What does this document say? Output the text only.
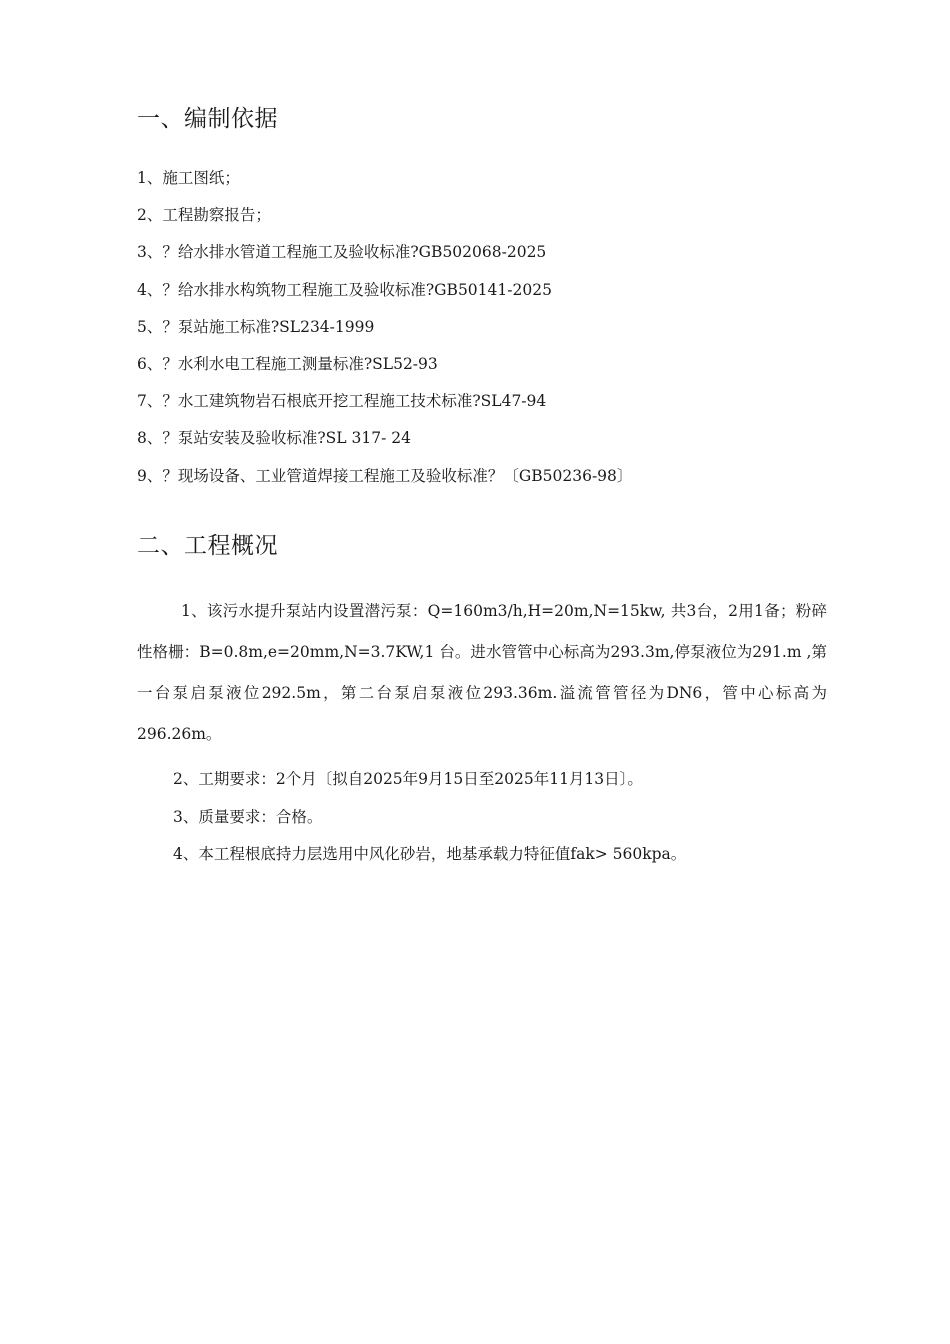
一、编制依据
1、施工图纸；
2、工程勘察报告；
3、？给水排水管道工程施工及验收标准?GB502068-2025
4、？给水排水构筑物工程施工及验收标准?GB50141-2025
5、？泵站施工标准?SL234-1999
6、？水利水电工程施工测量标准?SL52-93
7、？水工建筑物岩石根底开挖工程施工技术标准?SL47-94
8、？泵站安装及验收标准?SL 317- 24
9、？现场设备、工业管道焊接工程施工及验收标准？〔GB50236-98〕
二、工程概况

1、该污水提升泵站内设置潜污泵：Q=160m3/h,H=20m,N=15kw, 共3台，2用1备；粉碎性格栅：B=0.8m,e=20mm,N=3.7KW,1 台。进水管管中心标高为293.3m,停泵液位为291.m ,第一台泵启泵液位292.5m，第二台泵启泵液位293.36m.溢流管管径为DN6，管中心标高为296.26m。

2、工期要求：2个月〔拟自2025年9月15日至2025年11月13日〕。

3、质量要求：合格。

4、本工程根底持力层选用中风化砂岩，地基承载力特征值fak> 560kpa。
